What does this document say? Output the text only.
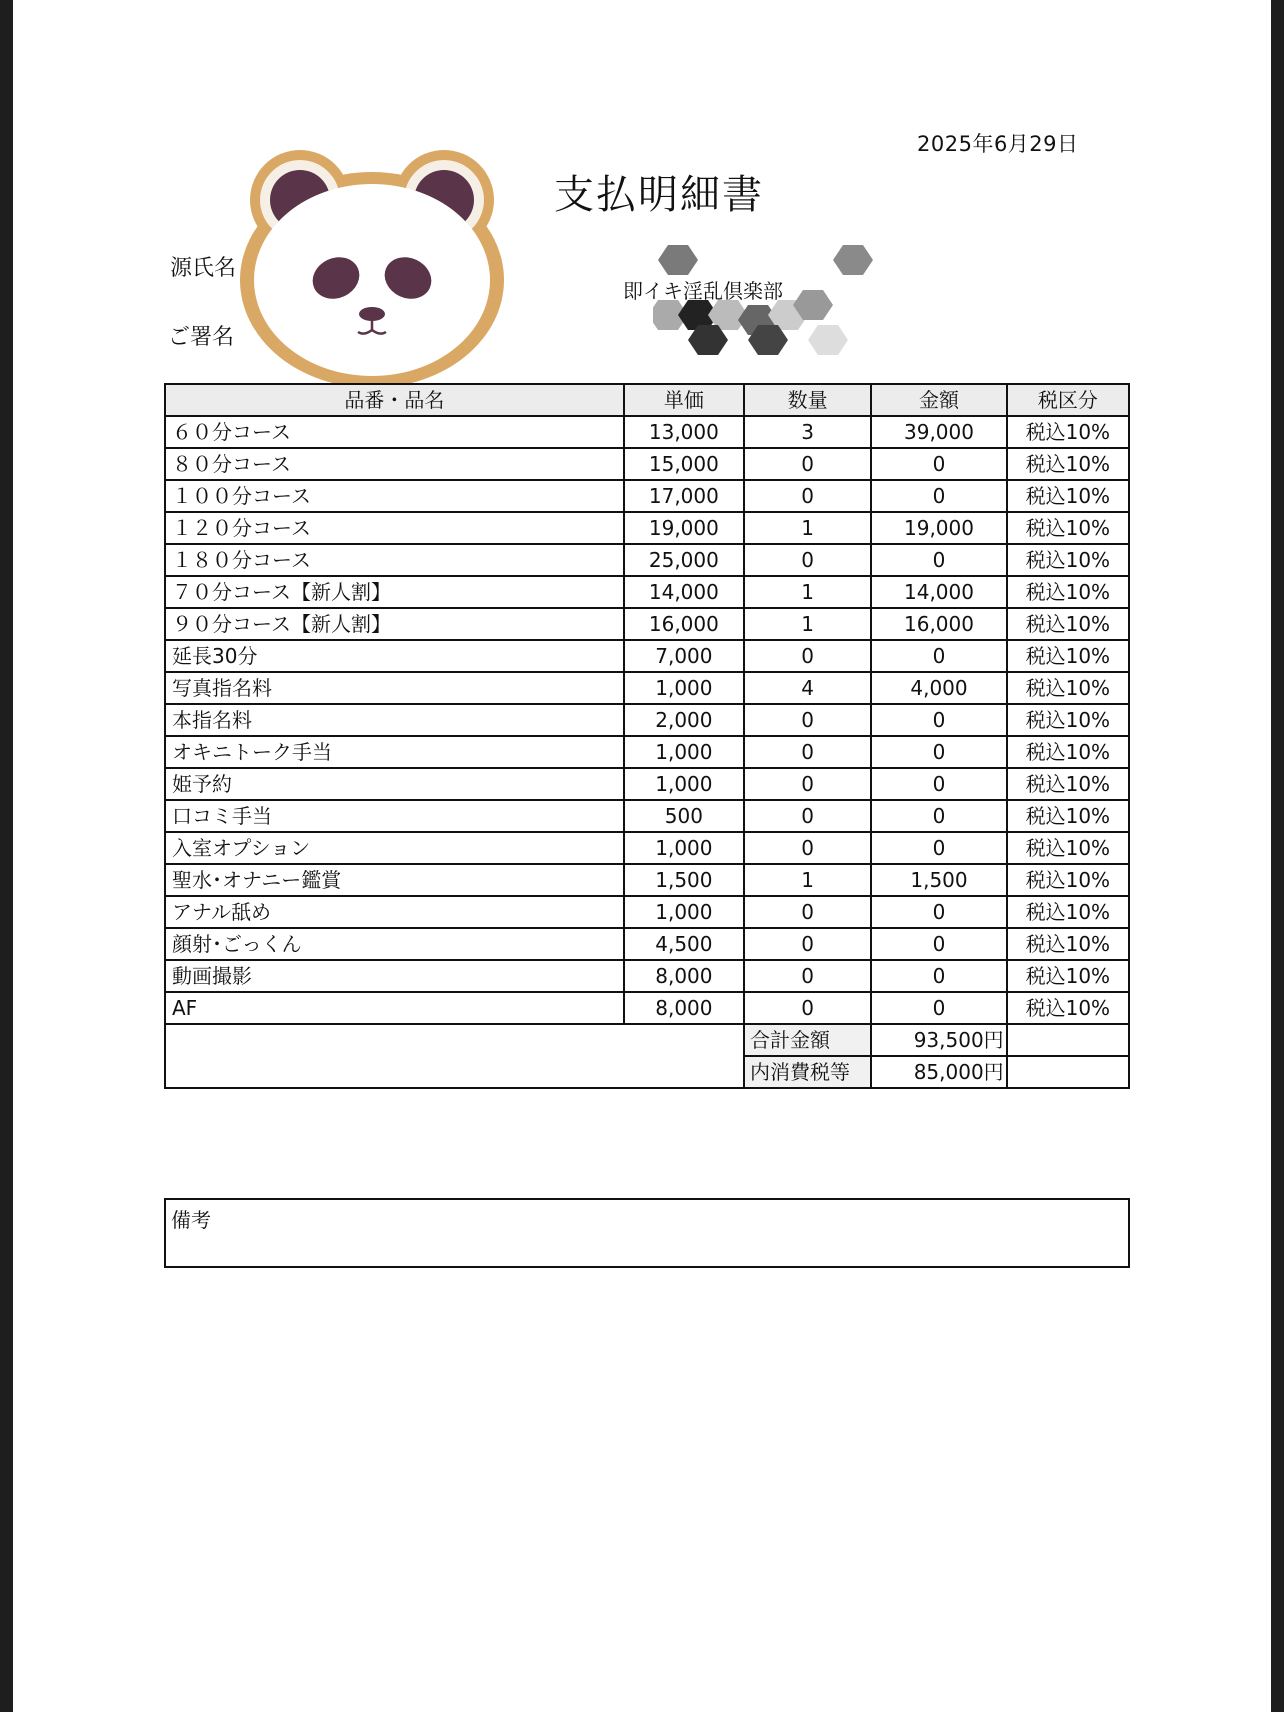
2025年6月29日
支払明細書
源氏名
ご署名
即イキ淫乱倶楽部
品番・品名	単価	数量	金額	税区分
６０分コース	13,000	3	39,000	税込10%
８０分コース	15,000	0	0	税込10%
１００分コース	17,000	0	0	税込10%
１２０分コース	19,000	1	19,000	税込10%
１８０分コース	25,000	0	0	税込10%
７０分コース【新人割】	14,000	1	14,000	税込10%
９０分コース【新人割】	16,000	1	16,000	税込10%
延長30分	7,000	0	0	税込10%
写真指名料	1,000	4	4,000	税込10%
本指名料	2,000	0	0	税込10%
オキニトーク手当	1,000	0	0	税込10%
姫予約	1,000	0	0	税込10%
口コミ手当	500	0	0	税込10%
入室オプション	1,000	0	0	税込10%
聖水･オナニー鑑賞	1,500	1	1,500	税込10%
アナル舐め	1,000	0	0	税込10%
顔射･ごっくん	4,500	0	0	税込10%
動画撮影	8,000	0	0	税込10%
AF	8,000	0	0	税込10%
		合計金額	93,500円	
		内消費税等	85,000円	
備考
